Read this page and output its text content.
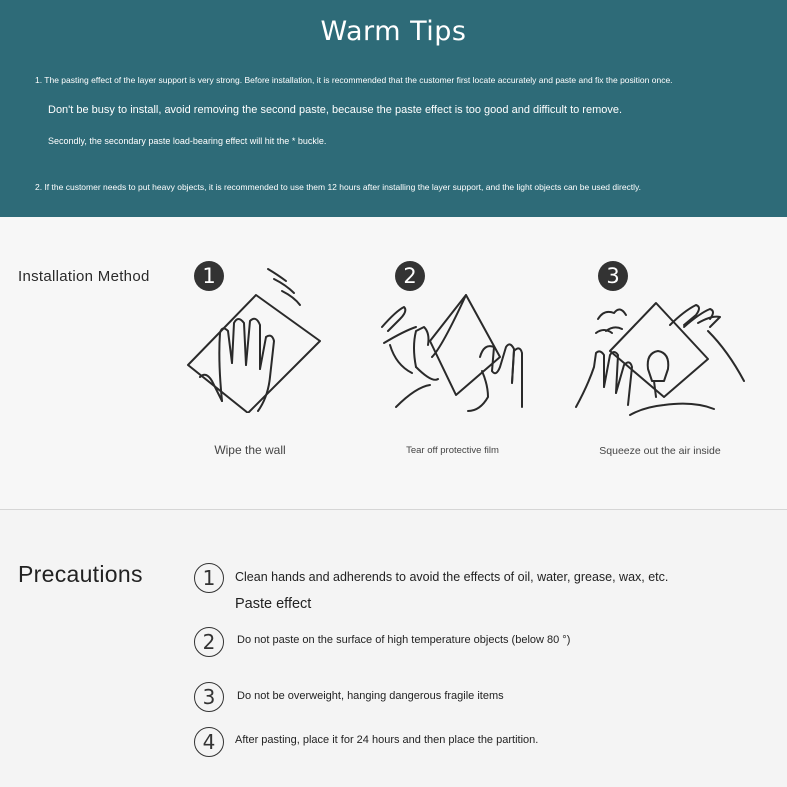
Warm Tips
1. The pasting effect of the layer support is very strong. Before installation, it is recommended that the customer first locate accurately and paste and fix the position once.
Don't be busy to install, avoid removing the second paste, because the paste effect is too good and difficult to remove.
Secondly, the secondary paste load-bearing effect will hit the * buckle.
2. If the customer needs to put heavy objects, it is recommended to use them 12 hours after installing the layer support, and the light objects can be used directly.
Installation Method	1
Wipe the wall
2
Tear off protective film
3
Squeeze out the air inside
Precautions	1	Clean hands and adherends to avoid the effects of oil, water, grease, wax, etc.
Paste effect
2	Do not paste on the surface of high temperature objects (below 80 °)
3	Do not be overweight, hanging dangerous fragile items
4	After pasting, place it for 24 hours and then place the partition.
